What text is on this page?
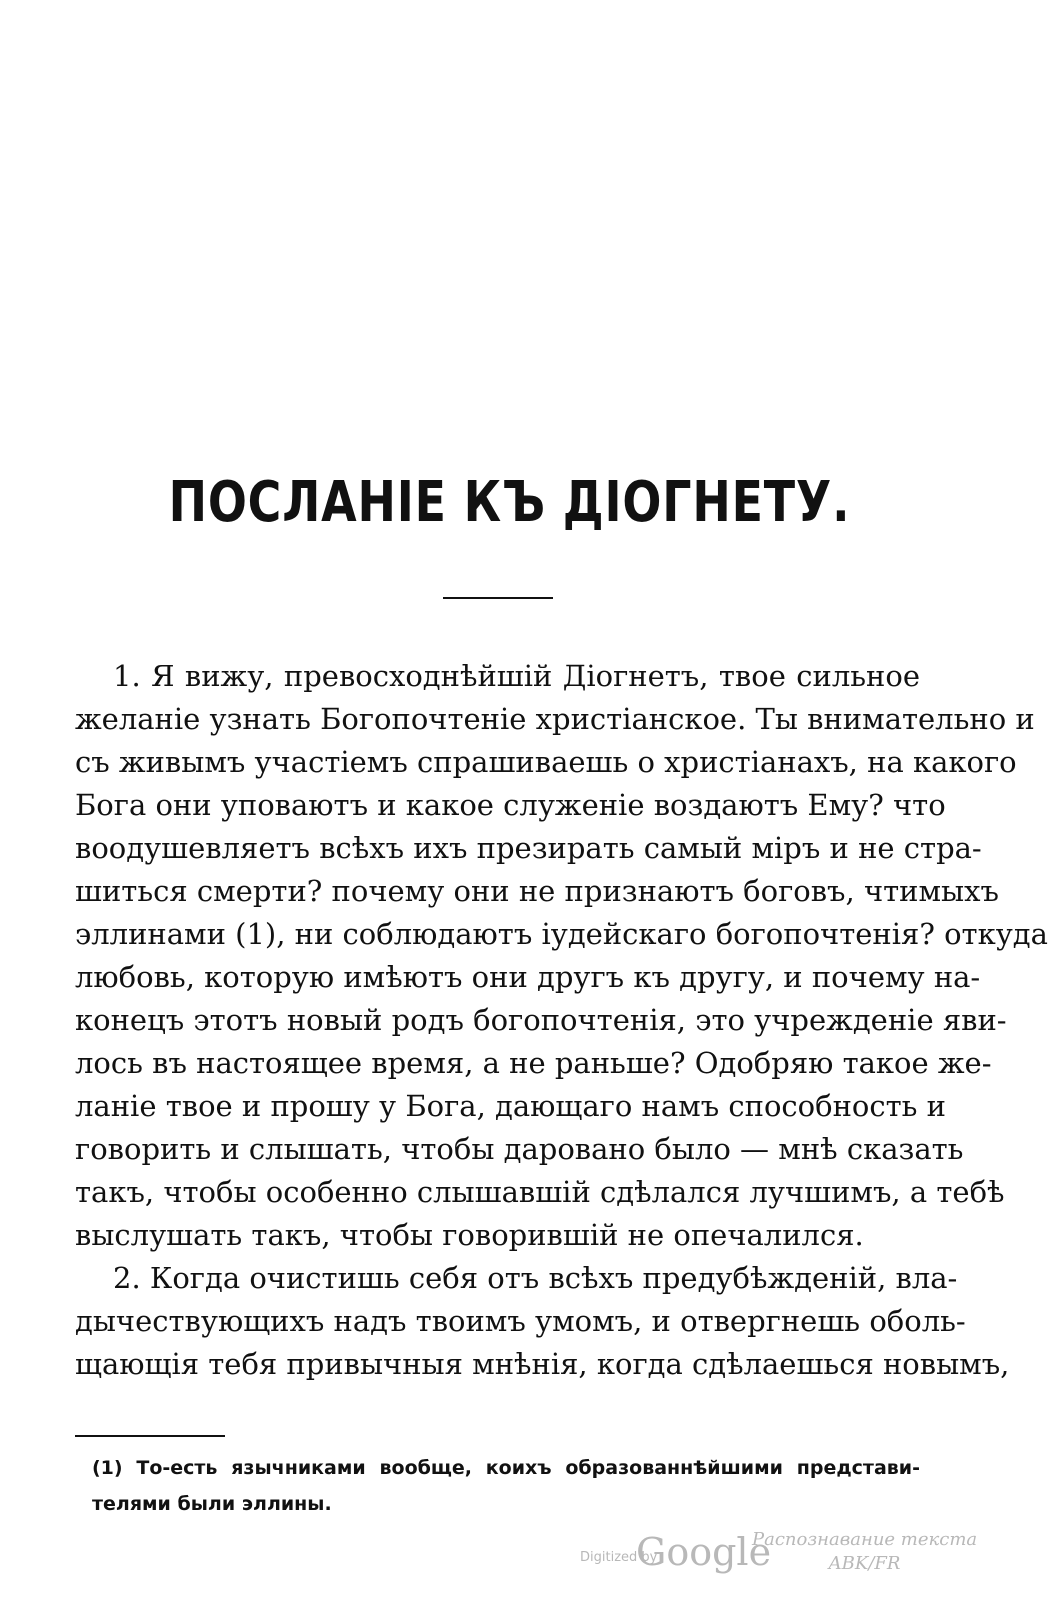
ПОСЛАНІЕ КЪ ДІОГНЕТУ.
1. Я вижу, превосходнѣйшій Діогнетъ, твое сильное
желаніе узнать Богопочтеніе христіанское. Ты внимательно и
съ живымъ участіемъ спрашиваешь о христіанахъ, на какого
Бога они уповаютъ и какое служеніе воздаютъ Ему? что
воодушевляетъ всѣхъ ихъ презирать самый міръ и не стра-
шиться смерти? почему они не признаютъ боговъ, чтимыхъ
эллинами (1), ни соблюдаютъ іудейскаго богопочтенія? откуда
любовь, которую имѣютъ они другъ къ другу, и почему на-
конецъ этотъ новый родъ богопочтенія, это учрежденіе яви-
лось въ настоящее время, а не раньше? Одобряю такое же-
ланіе твое и прошу у Бога, дающаго намъ способность и
говорить и слышать, чтобы даровано было — мнѣ сказать
такъ, чтобы особенно слышавшій сдѣлался лучшимъ, а тебѣ
выслушать такъ, чтобы говорившій не опечалился.
2. Когда очистишь себя отъ всѣхъ предубѣжденій, вла-
дычествующихъ надъ твоимъ умомъ, и отвергнешь оболь-
щающія тебя привычныя мнѣнія, когда сдѣлаешься новымъ,
(1) То-есть язычниками вообще, коихъ образованнѣйшими представи-
телями были эллины.
Digitized by
Google
Распознавание текста
ABK/FR
